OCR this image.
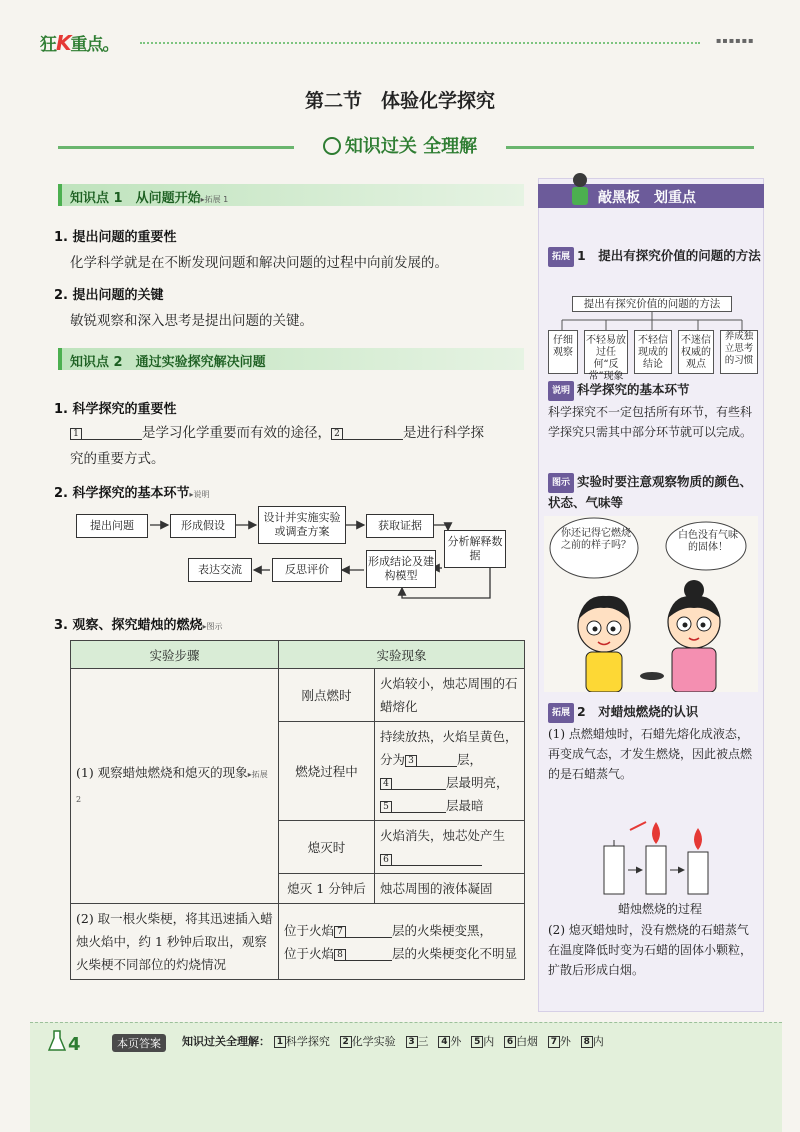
狂K重点。	▪▪▪▪▪▪
第二节　体验化学探究
知识过关 全理解
知识点 1　从问题开始▸拓展 1
1. 提出问题的重要性
化学科学就是在不断发现问题和解决问题的过程中向前发展的。
2. 提出问题的关键
敏锐观察和深入思考是提出问题的关键。
知识点 2　通过实验探究解决问题
1. 科学探究的重要性
1	是学习化学重要而有效的途径， 2	是进行科学探
究的重要方式。
2. 科学探究的基本环节▸说明
提出问题	形成假设
设计并实施实验或调查方案	获取证据
分析解释数据
形成结论及建构模型
反思评价
表达交流
3. 观察、探究蜡烛的燃烧▸图示
实验步骤	实验现象	
(1) 观察蜡烛燃烧和熄灭的现象▸拓展 2	刚点燃时	火焰较小，烛芯周围的石蜡熔化
	燃烧过程中	持续放热，火焰呈黄色，分为 3 层，
4 层最明亮，
5 层最暗
	熄灭时	火焰消失，烛芯处产生
6
	熄灭 1 分钟后	烛芯周围的液体凝固
(2) 取一根火柴梗，将其迅速插入蜡烛火焰中，约 1 秒钟后取出，观察火柴梗不同部位的灼烧情况	位于火焰 7 层的火柴梗变黑，
位于火焰 8 层的火柴梗变化不明显	
敲黑板　划重点
拓展 1　提出有探究价值的问题的方法
提出有探究价值的问题的方法
仔细观察
不轻易放过任何“反常”现象
不轻信现成的结论
不迷信权威的观点
养成独立思考的习惯
说明 科学探究的基本环节
科学探究不一定包括所有环节，有些科学探究只需其中部分环节就可以完成。
图示 实验时要注意观察物质的颜色、状态、气味等
你还记得它燃烧之前的样子吗？
白色没有气味的固体！
拓展 2　对蜡烛燃烧的认识
(1) 点燃蜡烛时，石蜡先熔化成液态，再变成气态，才发生燃烧，因此被点燃的是石蜡蒸气。
蜡烛燃烧的过程
(2) 熄灭蜡烛时，没有燃烧的石蜡蒸气在温度降低时变为石蜡的固体小颗粒，扩散后形成白烟。
4	本页答案	知识过关全理解： 1 科学探究 2 化学实验 3 三 4 外 5 内 6 白烟 7 外 8 内
